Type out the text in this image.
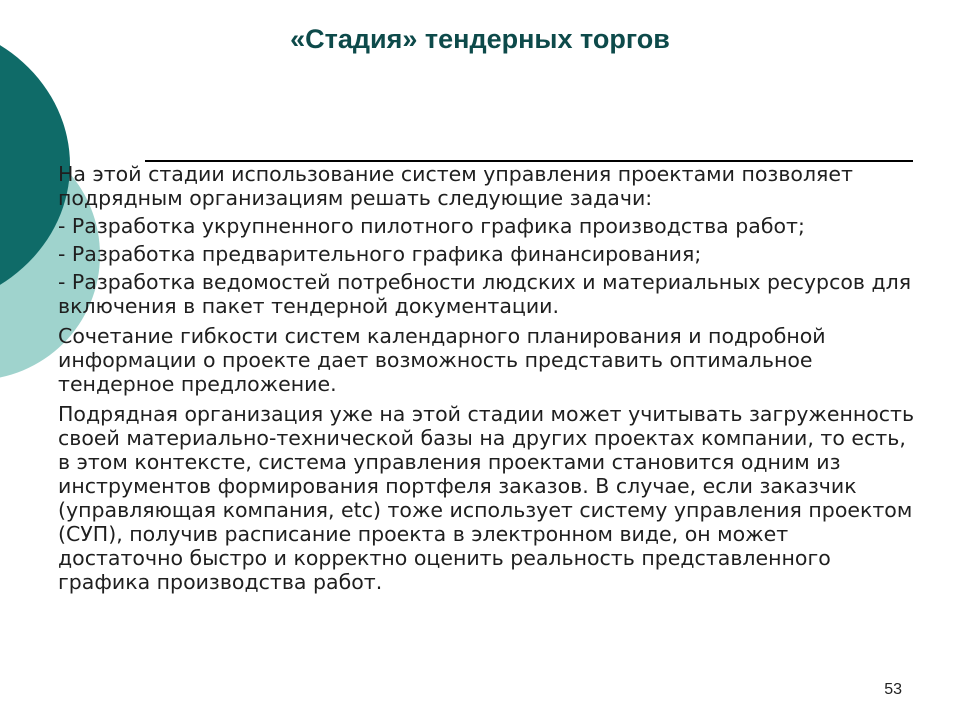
«Стадия» тендерных торгов

На этой стадии использование систем управления проектами позволяет подрядным организациям решать следующие задачи:

- Разработка укрупненного пилотного графика производства работ;

- Разработка предварительного графика финансирования;

- Разработка ведомостей потребности людских и материальных ресурсов для включения в пакет тендерной документации.

Сочетание гибкости систем календарного планирования и подробной информации о проекте дает возможность представить оптимальное тендерное предложение.

Подрядная организация уже на этой стадии может учитывать загруженность своей материально-технической базы на других проектах компании, то есть, в этом контексте, система управления проектами становится одним из инструментов формирования портфеля заказов. В случае, если заказчик (управляющая компания, etc) тоже использует систему управления проектом (СУП), получив расписание проекта в электронном виде, он может достаточно быстро и корректно оценить реальность представленного графика производства работ.

53
